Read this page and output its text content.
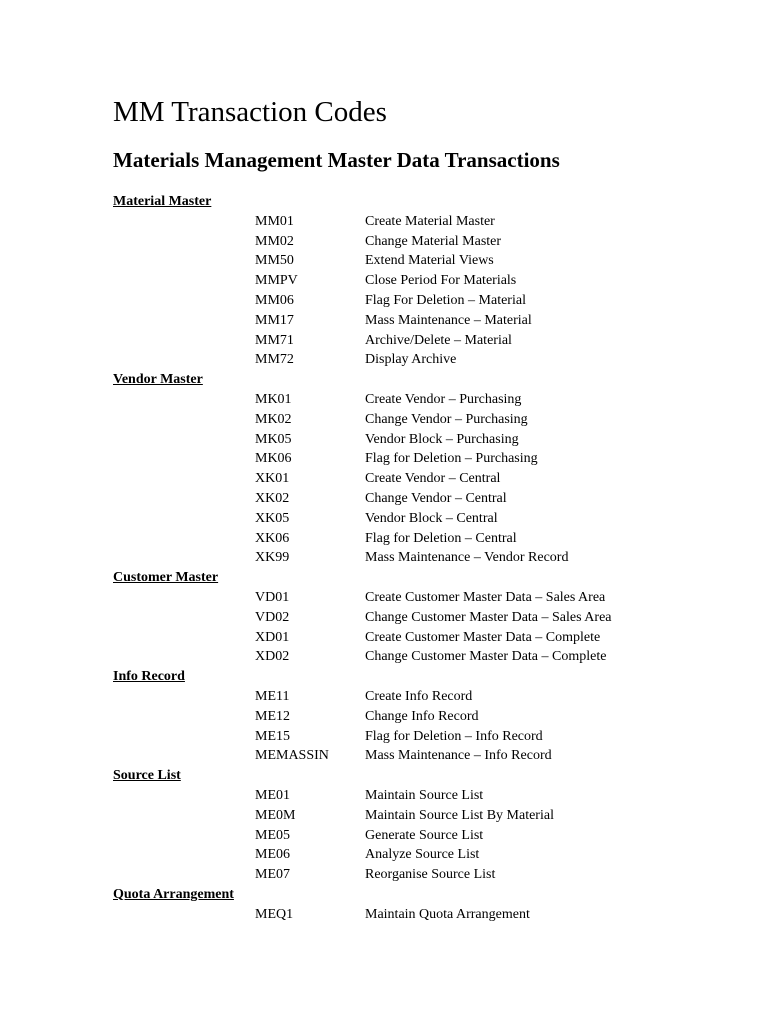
MM Transaction Codes
Materials Management Master Data Transactions
Material Master
MM01	Create Material Master
MM02	Change Material Master
MM50	Extend Material Views
MMPV	Close Period For Materials
MM06	Flag For Deletion – Material
MM17	Mass Maintenance – Material
MM71	Archive/Delete – Material
MM72	Display Archive
Vendor Master
MK01	Create Vendor – Purchasing
MK02	Change Vendor – Purchasing
MK05	Vendor Block – Purchasing
MK06	Flag for Deletion – Purchasing
XK01	Create Vendor – Central
XK02	Change Vendor – Central
XK05	Vendor Block – Central
XK06	Flag for Deletion – Central
XK99	Mass Maintenance – Vendor Record
Customer Master
VD01	Create Customer Master Data – Sales Area
VD02	Change Customer Master Data – Sales Area
XD01	Create Customer Master Data – Complete
XD02	Change Customer Master Data – Complete
Info Record
ME11	Create Info Record
ME12	Change Info Record
ME15	Flag for Deletion – Info Record
MEMASSIN	Mass Maintenance – Info Record
Source List
ME01	Maintain Source List
ME0M	Maintain Source List By Material
ME05	Generate Source List
ME06	Analyze Source List
ME07	Reorganise Source List
Quota Arrangement
MEQ1	Maintain Quota Arrangement
